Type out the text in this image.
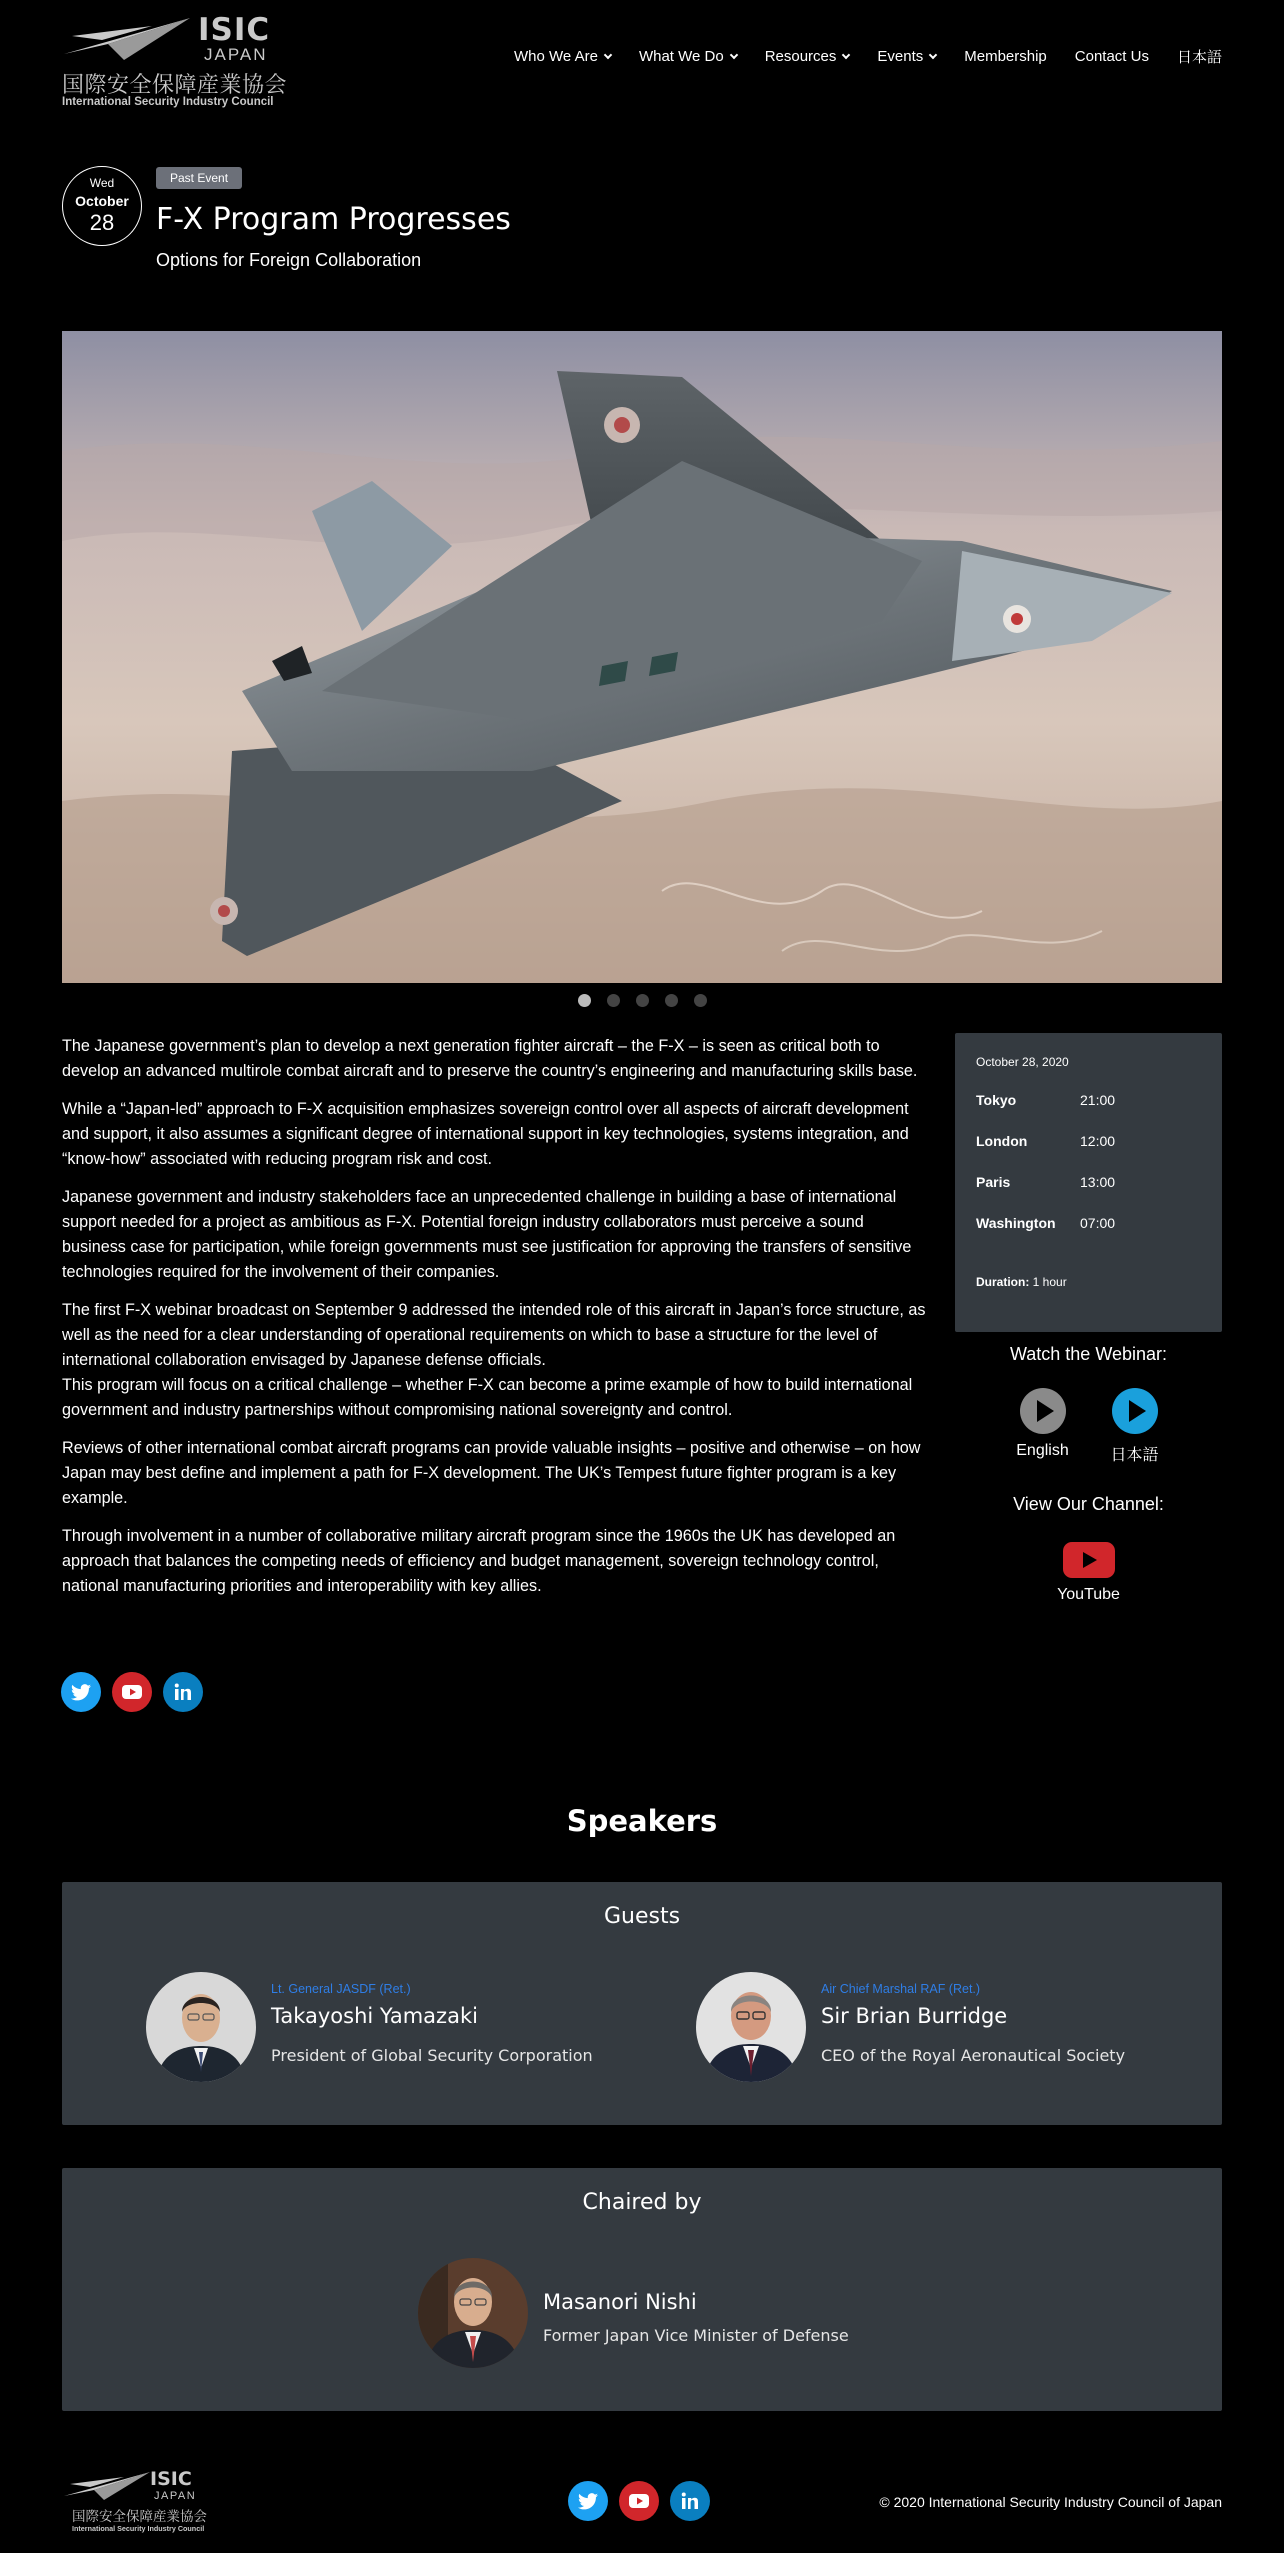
ISIC
JAPAN
国際安全保障産業協会
International Security Industry Council
Who We Are	What We Do	Resources	Events	Membership Contact Us 日本語
Wed
October
28
Past Event
F-X Program Progresses
Options for Foreign Collaboration

The Japanese government’s plan to develop a next generation fighter aircraft – the F-X – is seen as critical both to develop an advanced multirole combat aircraft and to preserve the country’s engineering and manufacturing skills base.

While a “Japan-led” approach to F-X acquisition emphasizes sovereign control over all aspects of aircraft development and support, it also assumes a significant degree of international support in key technologies, systems integration, and “know-how” associated with reducing program risk and cost.

Japanese government and industry stakeholders face an unprecedented challenge in building a base of international support needed for a project as ambitious as F-X. Potential foreign industry collaborators must perceive a sound business case for participation, while foreign governments must see justification for approving the transfers of sensitive technologies required for the involvement of their companies.

The first F-X webinar broadcast on September 9 addressed the intended role of this aircraft in Japan’s force structure, as well as the need for a clear understanding of operational requirements on which to base a structure for the level of international collaboration envisaged by Japanese defense officials.

This program will focus on a critical challenge – whether F-X can become a prime example of how to build international government and industry partnerships without compromising national sovereignty and control.

Reviews of other international combat aircraft programs can provide valuable insights – positive and otherwise – on how Japan may best define and implement a path for F-X development. The UK’s Tempest future fighter program is a key example.

Through involvement in a number of collaborative military aircraft program since the 1960s the UK has developed an approach that balances the competing needs of efficiency and budget management, sovereign technology control, national manufacturing priorities and interoperability with key allies.

October 28, 2020
Tokyo	21:00
London	12:00
Paris	13:00
Washington	07:00
Duration: 1 hour
Watch the Webinar:
English	日本語
View Our Channel:
YouTube
Speakers
Guests
Lt. General JASDF (Ret.)
Takayoshi Yamazaki
President of Global Security Corporation
Air Chief Marshal RAF (Ret.)
Sir Brian Burridge
CEO of the Royal Aeronautical Society
Chaired by
Masanori Nishi
Former Japan Vice Minister of Defense
ISIC
JAPAN
国際安全保障産業協会
International Security Industry Council
© 2020 International Security Industry Council of Japan
